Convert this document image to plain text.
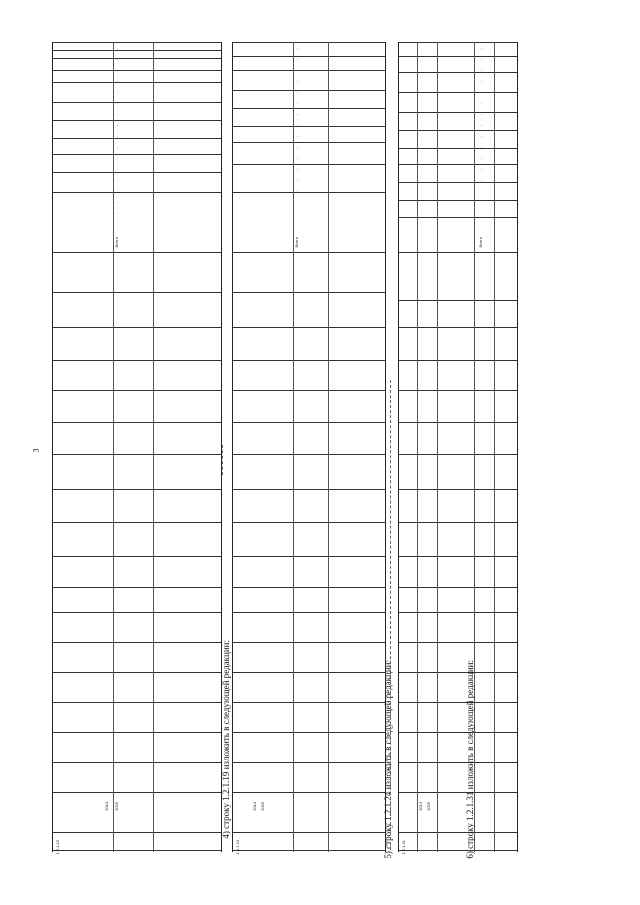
3
1.2.1.19
2014 2026
Всего
-
-
-
-
-
-
-
-
-
-
-
-
-
-
-
-
4) строку 1.2.1.19 изложить в следующей редакции:
1.2.1.24
2014 2026
Всего
-
-
-
-
-
-
-
-
-
-
-
-
-
-
5) строку 1.2.1.24 изложить в следующей редакции: 1.2.1.31
2014 2026
Всего
-
-
-
-
-
-
-
-
-
-
-
-
-
6) строку 1.2.1.31 изложить в следующей редакции:
